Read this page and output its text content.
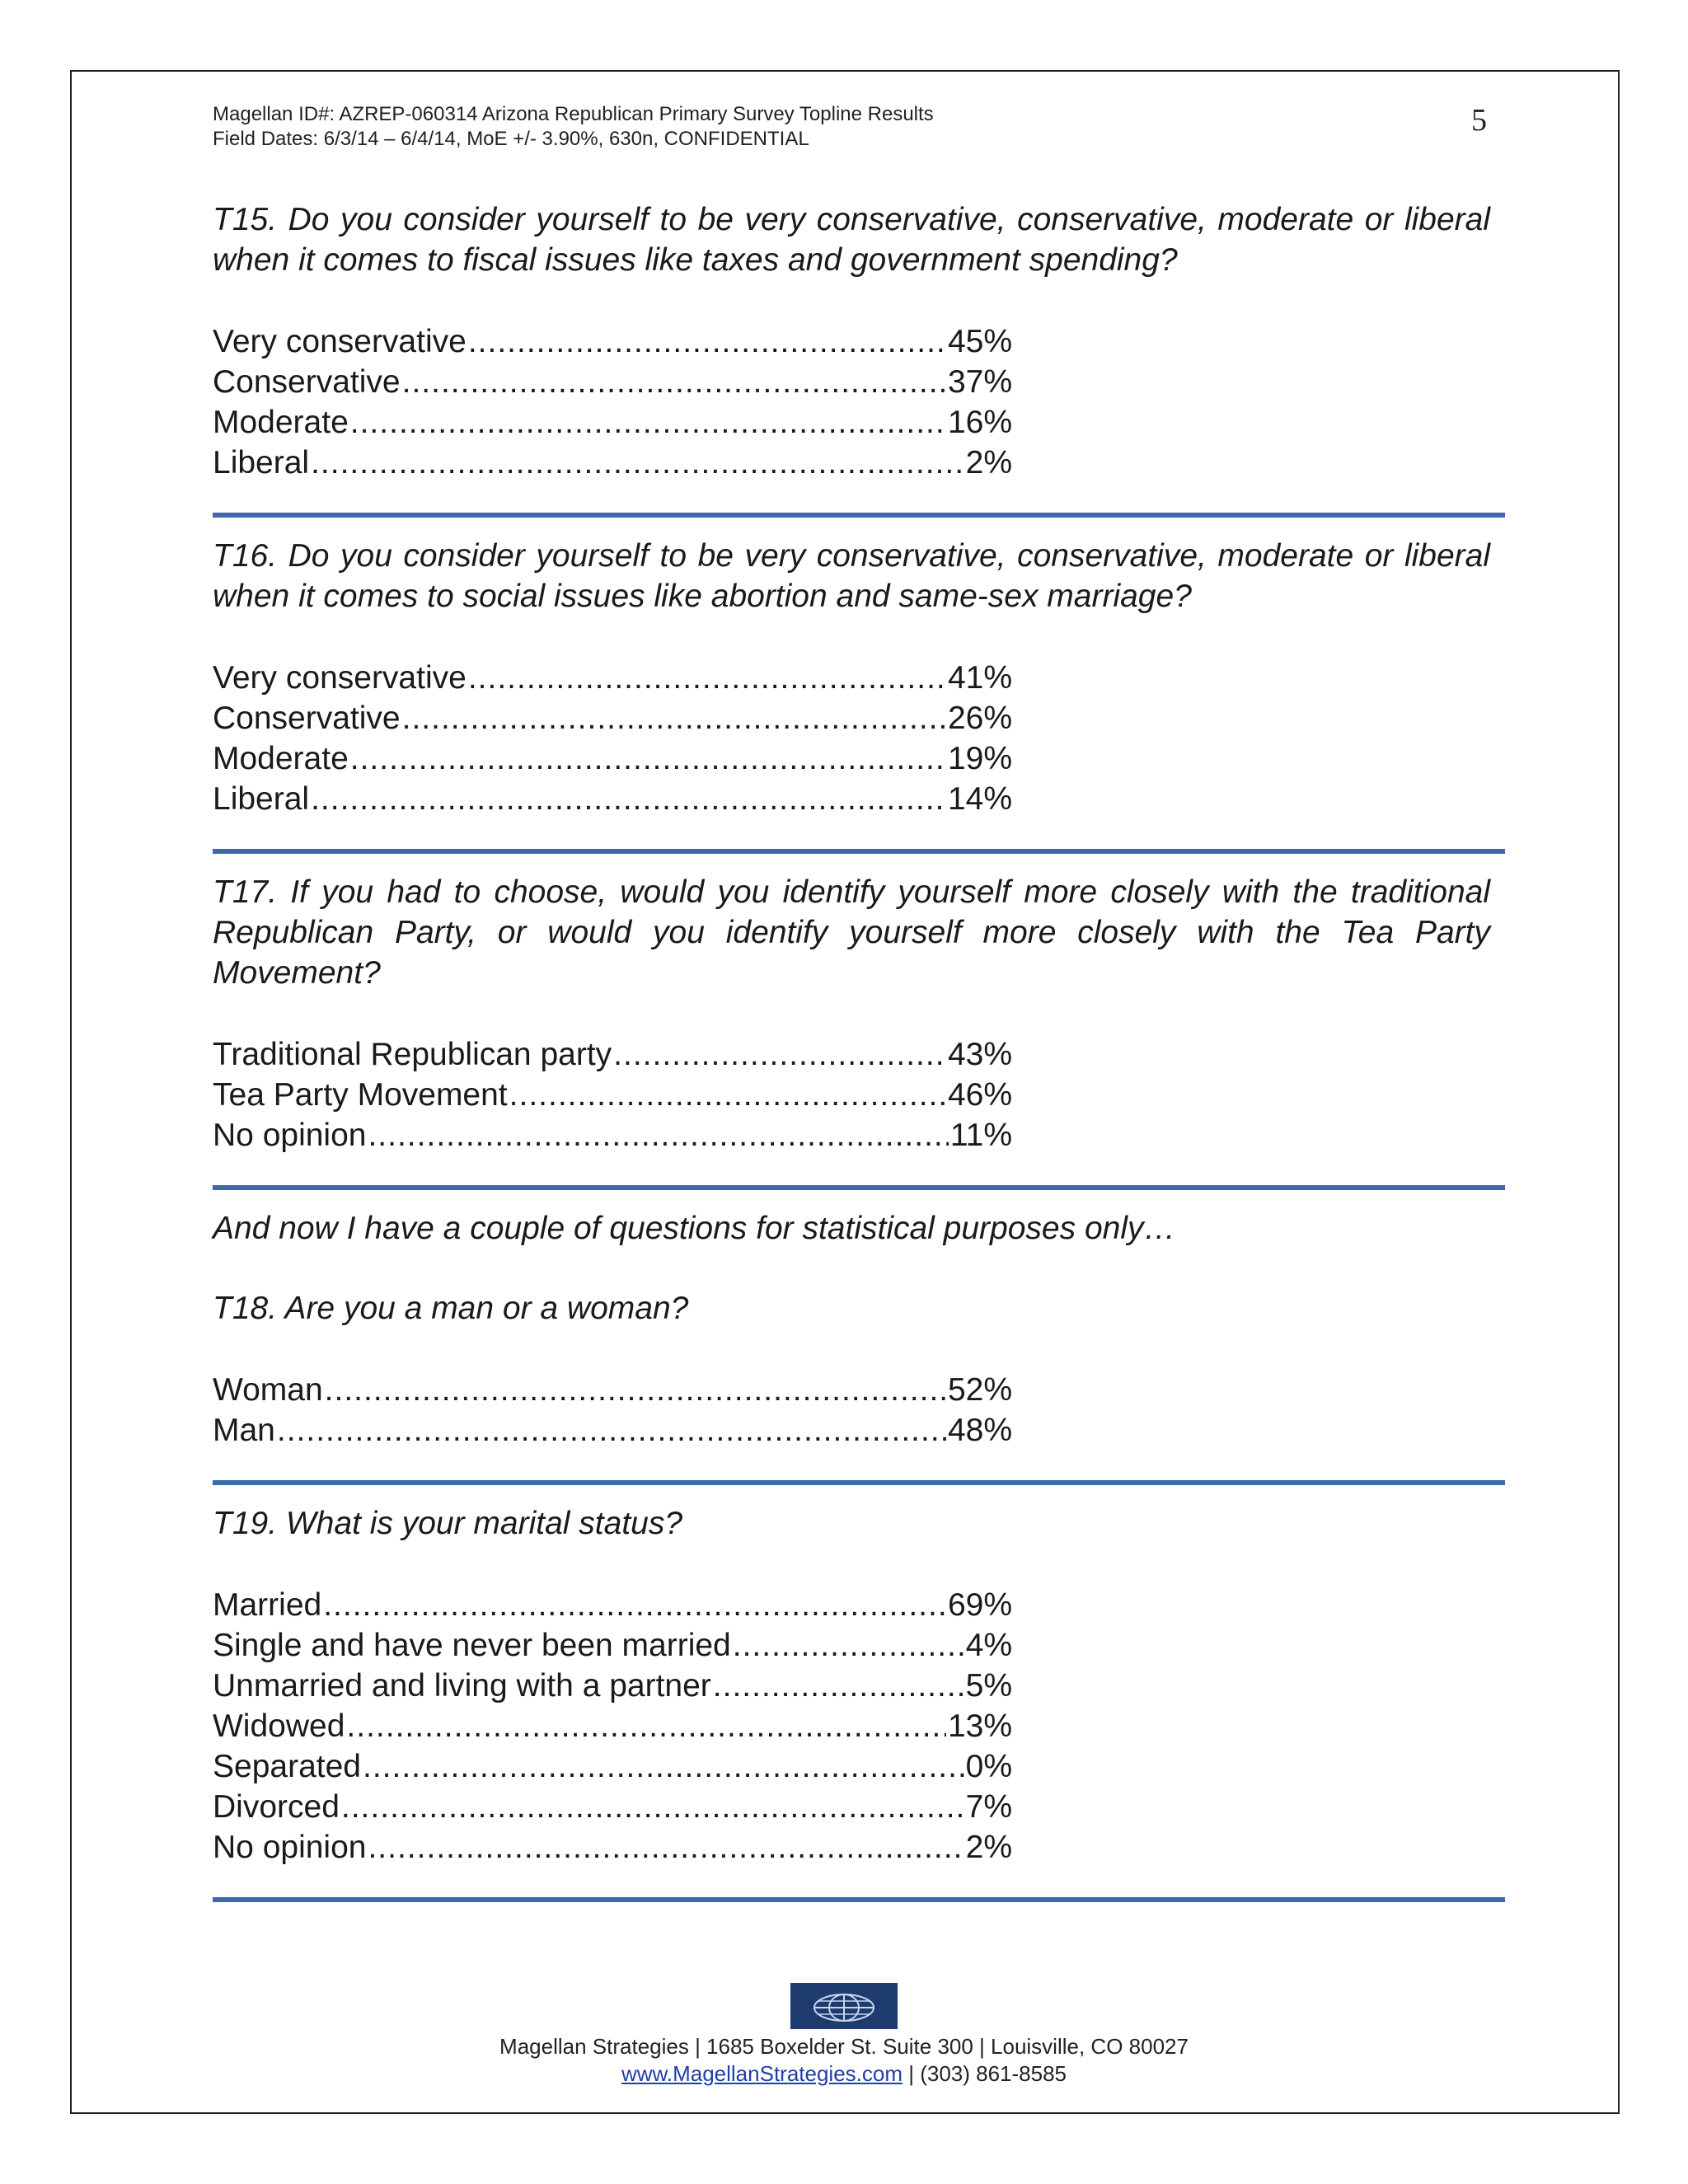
Magellan ID#: AZREP-060314 Arizona Republican Primary Survey Topline Results
Field Dates: 6/3/14 – 6/4/14, MoE +/- 3.90%, 630n, CONFIDENTIAL
5

T15. Do you consider yourself to be very conservative, conservative, moderate or liberal when it comes to fiscal issues like taxes and government spending?

Very conservative .....	45%
Conservative .....	37%
Moderate .....	16%
Liberal .....	2%

T16. Do you consider yourself to be very conservative, conservative, moderate or liberal when it comes to social issues like abortion and same-sex marriage?

Very conservative .....	41%
Conservative .....	26%
Moderate .....	19%
Liberal .....	14%

T17. If you had to choose, would you identify yourself more closely with the traditional Republican Party, or would you identify yourself more closely with the Tea Party Movement?

Traditional Republican party .....	43%
Tea Party Movement .....	46%
No opinion .....	11%

And now I have a couple of questions for statistical purposes only…

T18. Are you a man or a woman?

Woman .....	52%
Man .....	48%

T19. What is your marital status?

Married .....	69%
Single and have never been married .....	4%
Unmarried and living with a partner .....	5%
Widowed .....	13%
Separated .....	0%
Divorced .....	7%
No opinion .....	2%
Magellan Strategies | 1685 Boxelder St. Suite 300 | Louisville, CO 80027
www.MagellanStrategies.com | (303) 861-8585
